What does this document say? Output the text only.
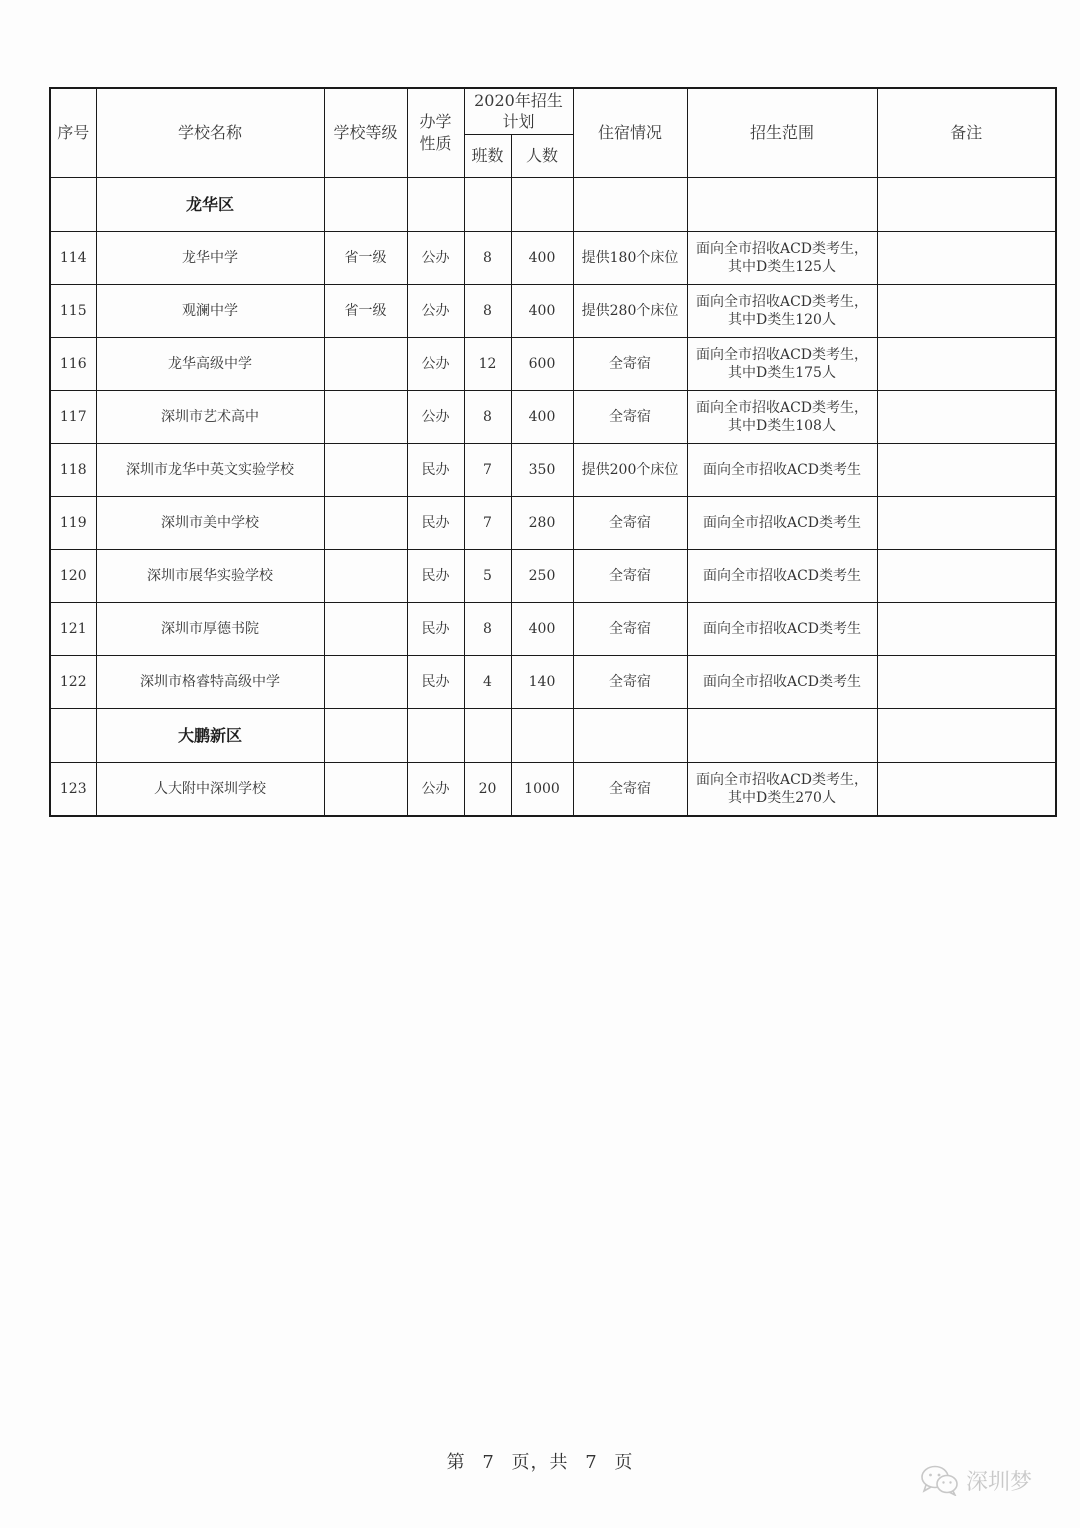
序号	学校名称	学校等级	办学性质	2020年招生计划		住宿情况	招生范围	备注
				班数	人数			
	龙华区							
114	龙华中学	省一级	公办	8	400	提供180个床位	面向全市招收ACD类考生，
其中D类生125人	

115	观澜中学	省一级	公办	8	400	提供280个床位	面向全市招收ACD类考生，
其中D类生120人	

116	龙华高级中学		公办	12	600	全寄宿	面向全市招收ACD类考生，
其中D类生175人	

117	深圳市艺术高中		公办	8	400	全寄宿	面向全市招收ACD类考生，
其中D类生108人	

118	深圳市龙华中英文实验学校		民办	7	350	提供200个床位	面向全市招收ACD类考生	

119	深圳市美中学校		民办	7	280	全寄宿	面向全市招收ACD类考生	

120	深圳市展华实验学校		民办	5	250	全寄宿	面向全市招收ACD类考生	

121	深圳市厚德书院		民办	8	400	全寄宿	面向全市招收ACD类考生	

122	深圳市格睿特高级中学		民办	4	140	全寄宿	面向全市招收ACD类考生	

	大鹏新区							
123	人大附中深圳学校		公办	20	1000	全寄宿	面向全市招收ACD类考生，
其中D类生270人	

第 7 页，共 7 页
深圳梦
